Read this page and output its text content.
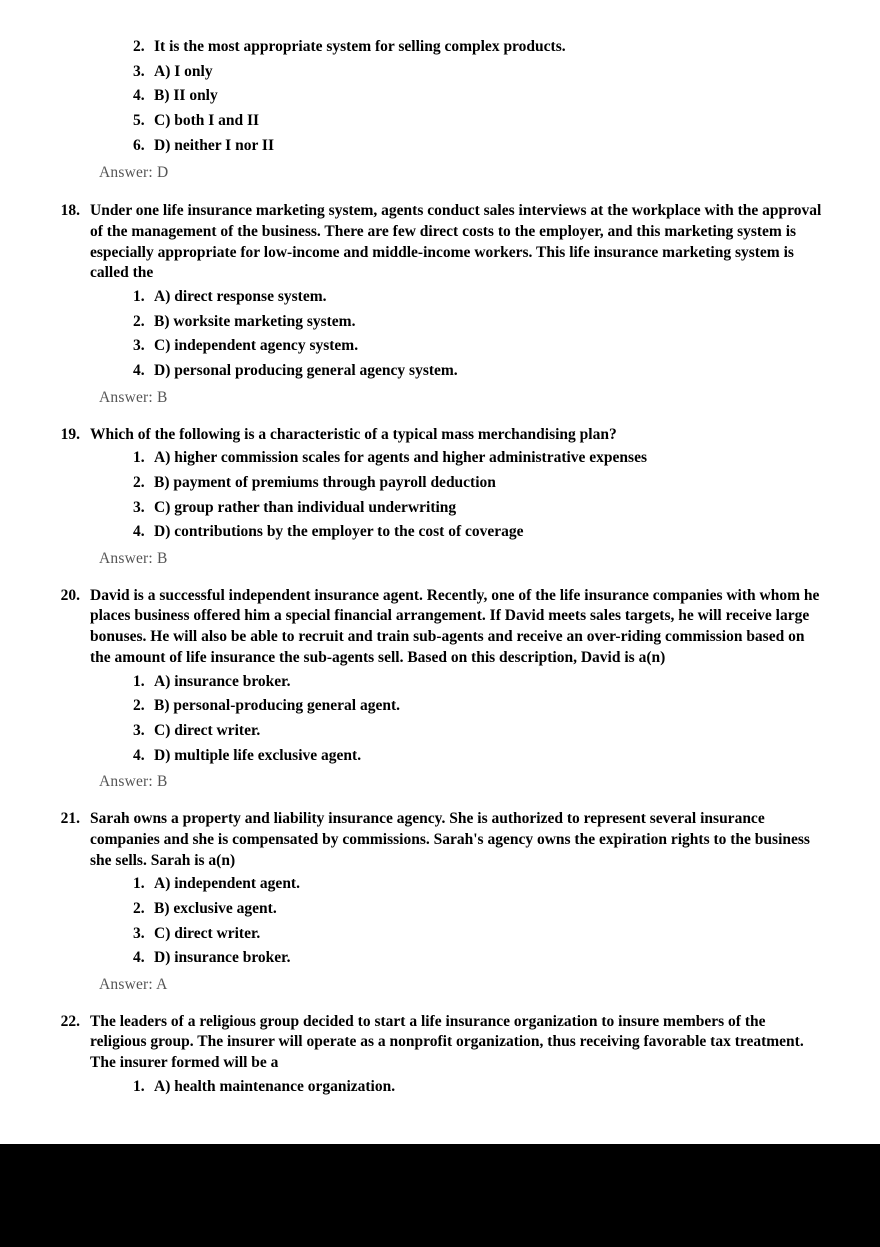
2. It is the most appropriate system for selling complex products.
3. A) I only
4. B) II only
5. C) both I and II
6. D) neither I nor II
Answer: D
18. Under one life insurance marketing system, agents conduct sales interviews at the workplace with the approval of the management of the business. There are few direct costs to the employer, and this marketing system is especially appropriate for low-income and middle-income workers. This life insurance marketing system is called the
1. A) direct response system.
2. B) worksite marketing system.
3. C) independent agency system.
4. D) personal producing general agency system.
Answer: B
19. Which of the following is a characteristic of a typical mass merchandising plan?
1. A) higher commission scales for agents and higher administrative expenses
2. B) payment of premiums through payroll deduction
3. C) group rather than individual underwriting
4. D) contributions by the employer to the cost of coverage
Answer: B
20. David is a successful independent insurance agent. Recently, one of the life insurance companies with whom he places business offered him a special financial arrangement. If David meets sales targets, he will receive large bonuses. He will also be able to recruit and train sub-agents and receive an over-riding commission based on the amount of life insurance the sub-agents sell. Based on this description, David is a(n)
1. A) insurance broker.
2. B) personal-producing general agent.
3. C) direct writer.
4. D) multiple life exclusive agent.
Answer: B
21. Sarah owns a property and liability insurance agency. She is authorized to represent several insurance companies and she is compensated by commissions. Sarah's agency owns the expiration rights to the business she sells. Sarah is a(n)
1. A) independent agent.
2. B) exclusive agent.
3. C) direct writer.
4. D) insurance broker.
Answer: A
22. The leaders of a religious group decided to start a life insurance organization to insure members of the religious group. The insurer will operate as a nonprofit organization, thus receiving favorable tax treatment. The insurer formed will be a
1. A) health maintenance organization.
